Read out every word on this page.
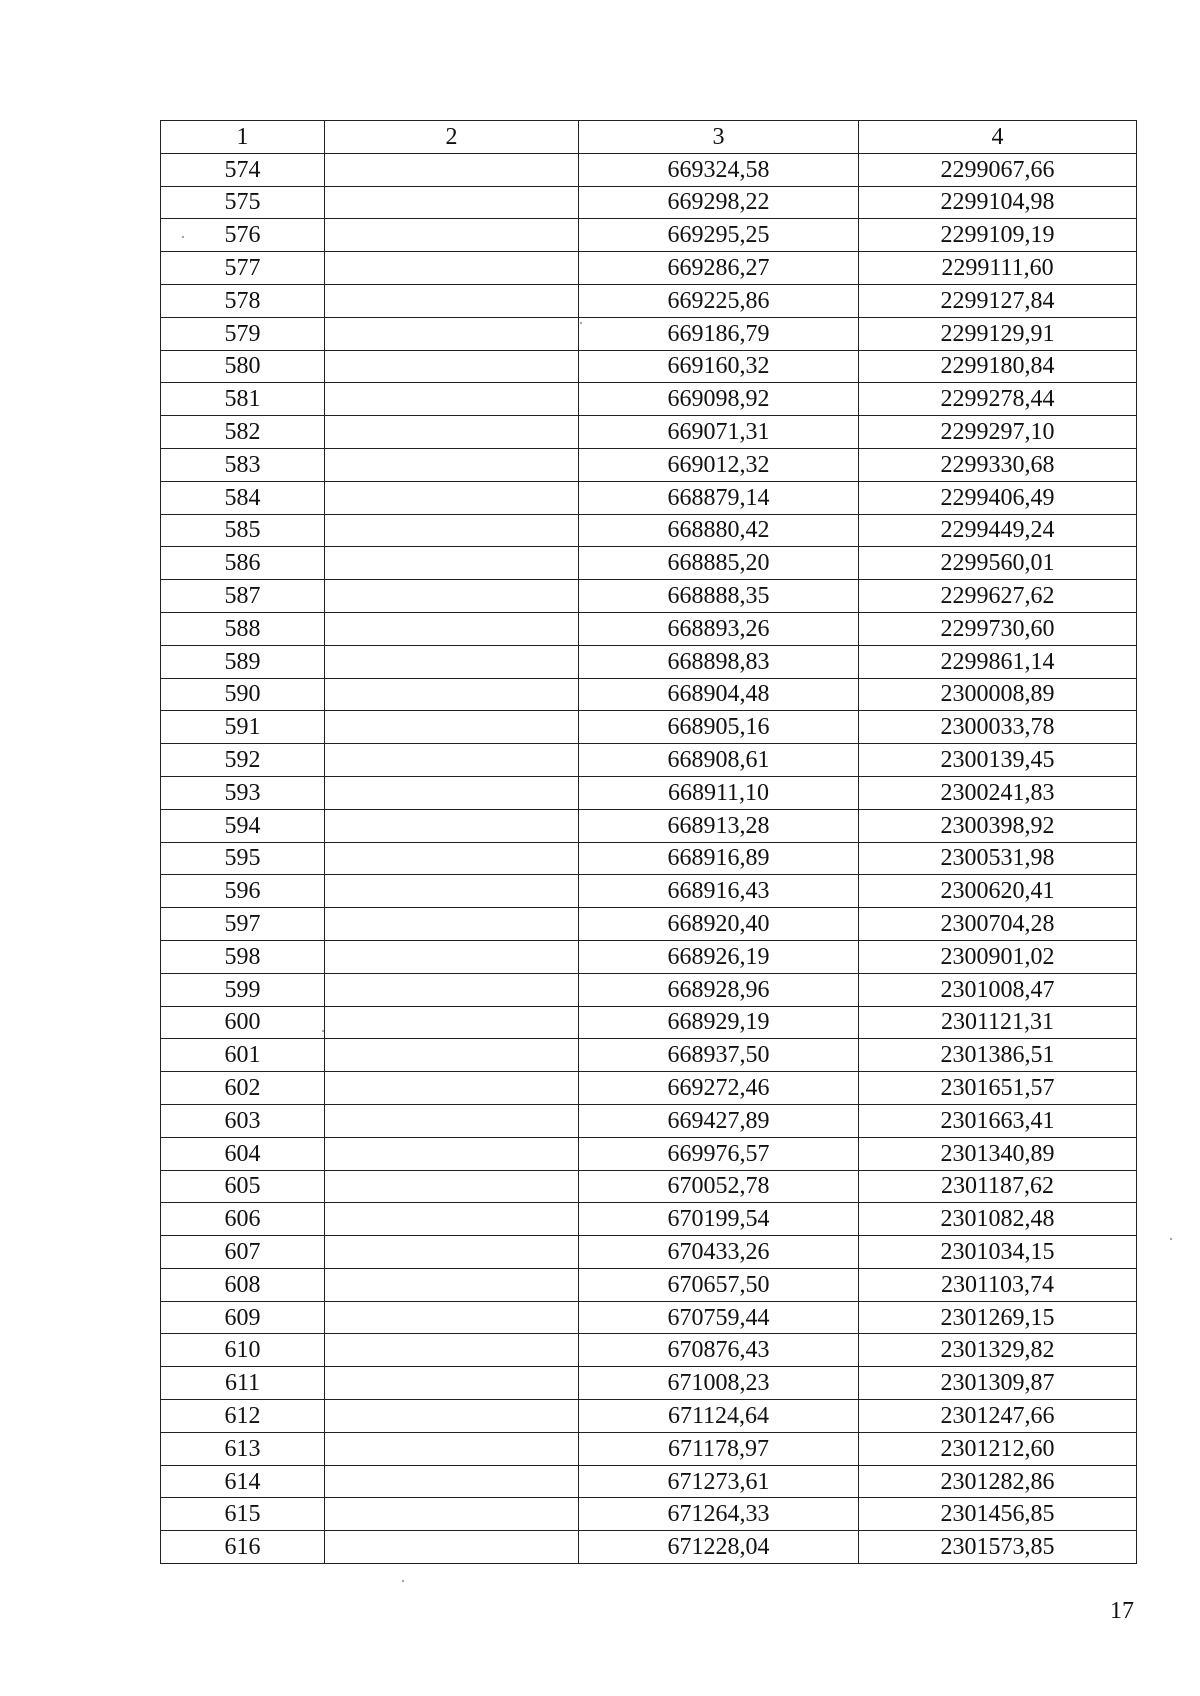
1	2	3	4
574		669324,58	2299067,66
575		669298,22	2299104,98
576		669295,25	2299109,19
577		669286,27	2299111,60
578		669225,86	2299127,84
579		669186,79	2299129,91
580		669160,32	2299180,84
581		669098,92	2299278,44
582		669071,31	2299297,10
583		669012,32	2299330,68
584		668879,14	2299406,49
585		668880,42	2299449,24
586		668885,20	2299560,01
587		668888,35	2299627,62
588		668893,26	2299730,60
589		668898,83	2299861,14
590		668904,48	2300008,89
591		668905,16	2300033,78
592		668908,61	2300139,45
593		668911,10	2300241,83
594		668913,28	2300398,92
595		668916,89	2300531,98
596		668916,43	2300620,41
597		668920,40	2300704,28
598		668926,19	2300901,02
599		668928,96	2301008,47
600		668929,19	2301121,31
601		668937,50	2301386,51
602		669272,46	2301651,57
603		669427,89	2301663,41
604		669976,57	2301340,89
605		670052,78	2301187,62
606		670199,54	2301082,48
607		670433,26	2301034,15
608		670657,50	2301103,74
609		670759,44	2301269,15
610		670876,43	2301329,82
611		671008,23	2301309,87
612		671124,64	2301247,66
613		671178,97	2301212,60
614		671273,61	2301282,86
615		671264,33	2301456,85
616		671228,04	2301573,85
17
